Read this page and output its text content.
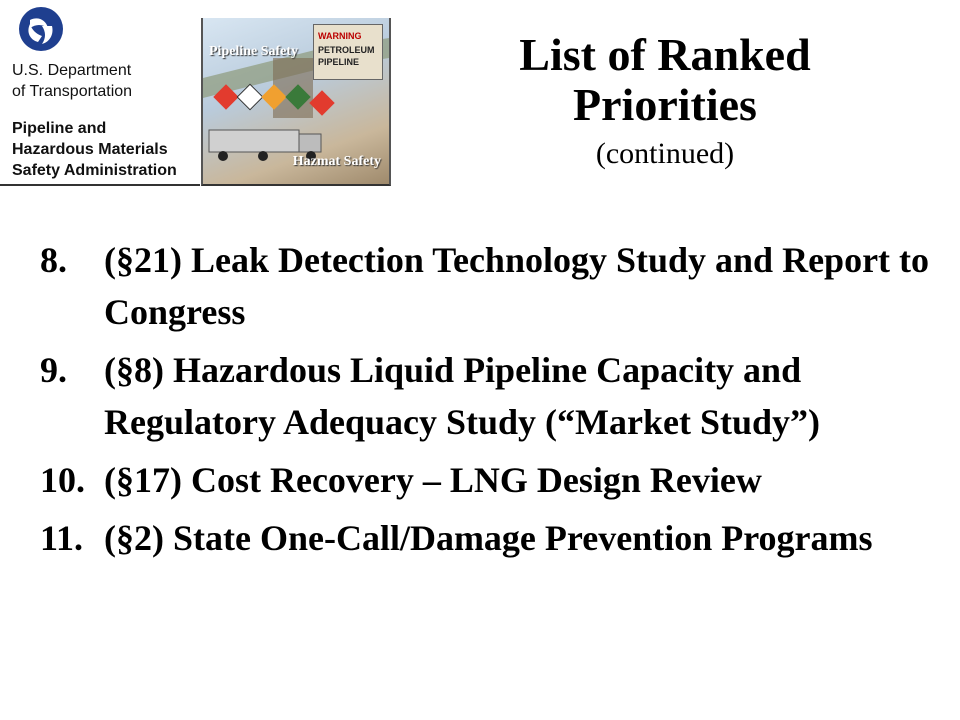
U.S. Department
of Transportation
Pipeline and
Hazardous Materials
Safety Administration
WARNING
PETROLEUM
PIPELINE
Pipeline Safety
Hazmat Safety
List of Ranked
Priorities
(continued)
8.	(§21) Leak Detection Technology Study and Report to Congress
9.	(§8) Hazardous Liquid Pipeline Capacity and Regulatory Adequacy Study (“Market Study”)
10. (§17) Cost Recovery – LNG Design Review
11. (§2) State One-Call/Damage Prevention Programs
